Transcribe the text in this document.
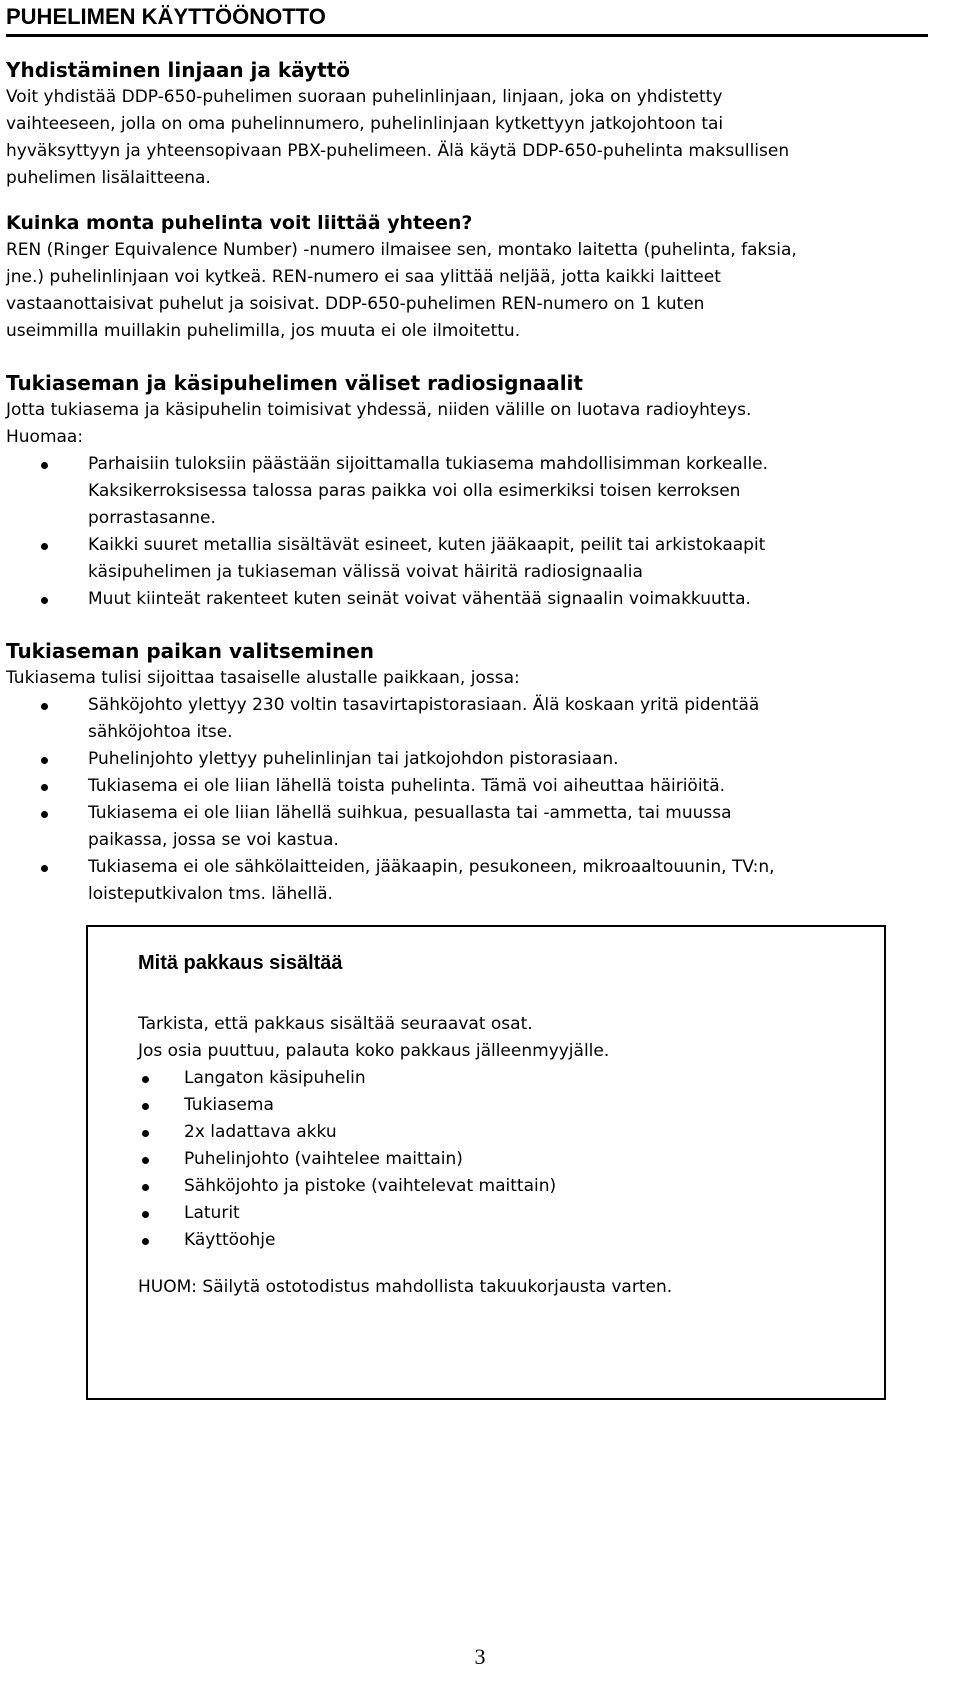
PUHELIMEN KÄYTTÖÖNOTTO
Yhdistäminen linjaan ja käyttö

Voit yhdistää DDP-650-puhelimen suoraan puhelinlinjaan, linjaan, joka on yhdistetty

vaihteeseen, jolla on oma puhelinnumero, puhelinlinjaan kytkettyyn jatkojohtoon tai

hyväksyttyyn ja yhteensopivaan PBX-puhelimeen. Älä käytä DDP-650-puhelinta maksullisen

puhelimen lisälaitteena.

Kuinka monta puhelinta voit liittää yhteen?

REN (Ringer Equivalence Number) -numero ilmaisee sen, montako laitetta (puhelinta, faksia,

jne.) puhelinlinjaan voi kytkeä. REN-numero ei saa ylittää neljää, jotta kaikki laitteet

vastaanottaisivat puhelut ja soisivat. DDP-650-puhelimen REN-numero on 1 kuten

useimmilla muillakin puhelimilla, jos muuta ei ole ilmoitettu.

Tukiaseman ja käsipuhelimen väliset radiosignaalit

Jotta tukiasema ja käsipuhelin toimisivat yhdessä, niiden välille on luotava radioyhteys.

Huomaa:

Parhaisiin tuloksiin päästään sijoittamalla tukiasema mahdollisimman korkealle.
Kaksikerroksisessa talossa paras paikka voi olla esimerkiksi toisen kerroksen
porrastasanne.
Kaikki suuret metallia sisältävät esineet, kuten jääkaapit, peilit tai arkistokaapit
käsipuhelimen ja tukiaseman välissä voivat häiritä radiosignaalia
Muut kiinteät rakenteet kuten seinät voivat vähentää signaalin voimakkuutta.
Tukiaseman paikan valitseminen

Tukiasema tulisi sijoittaa tasaiselle alustalle paikkaan, jossa:

Sähköjohto ylettyy 230 voltin tasavirtapistorasiaan. Älä koskaan yritä pidentää
sähköjohtoa itse.
Puhelinjohto ylettyy puhelinlinjan tai jatkojohdon pistorasiaan.
Tukiasema ei ole liian lähellä toista puhelinta. Tämä voi aiheuttaa häiriöitä.
Tukiasema ei ole liian lähellä suihkua, pesuallasta tai -ammetta, tai muussa
paikassa, jossa se voi kastua.
Tukiasema ei ole sähkölaitteiden, jääkaapin, pesukoneen, mikroaaltouunin, TV:n,
loisteputkivalon tms. lähellä.

Mitä pakkaus sisältää

Tarkista, että pakkaus sisältää seuraavat osat.

Jos osia puuttuu, palauta koko pakkaus jälleenmyyjälle.

Langaton käsipuhelin
Tukiasema
2x ladattava akku
Puhelinjohto (vaihtelee maittain)
Sähköjohto ja pistoke (vaihtelevat maittain)
Laturit
Käyttöohje

HUOM: Säilytä ostotodistus mahdollista takuukorjausta varten.

3
